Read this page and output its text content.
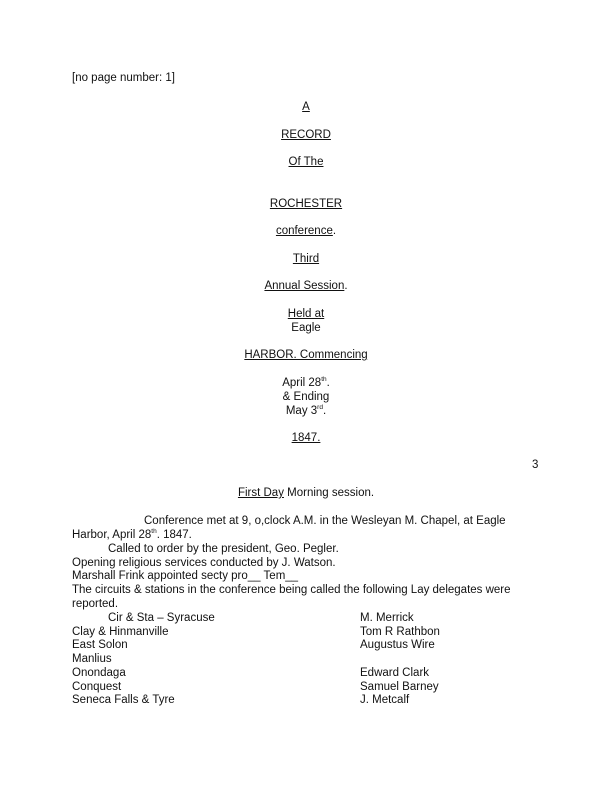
[no page number: 1]
A
RECORD
Of The
ROCHESTER
conference.
Third
Annual Session.
Held at
Eagle
HARBOR. Commencing
April 28th.
& Ending
May 3rd.
1847.
3
First Day Morning session.
Conference met at 9, o,clock A.M. in the Wesleyan M. Chapel, at Eagle
Harbor, April 28th. 1847.
Called to order by the president, Geo. Pegler.
Opening religious services conducted by J. Watson.
Marshall Frink appointed secty pro__ Tem__
The circuits & stations in the conference being called the following Lay delegates were
reported.
Cir & Sta – Syracuse	M. Merrick
Clay & Hinmanville	Tom R Rathbon
East Solon	Augustus Wire
Manlius
Onondaga	Edward Clark
Conquest	Samuel Barney
Seneca Falls & Tyre	J. Metcalf
